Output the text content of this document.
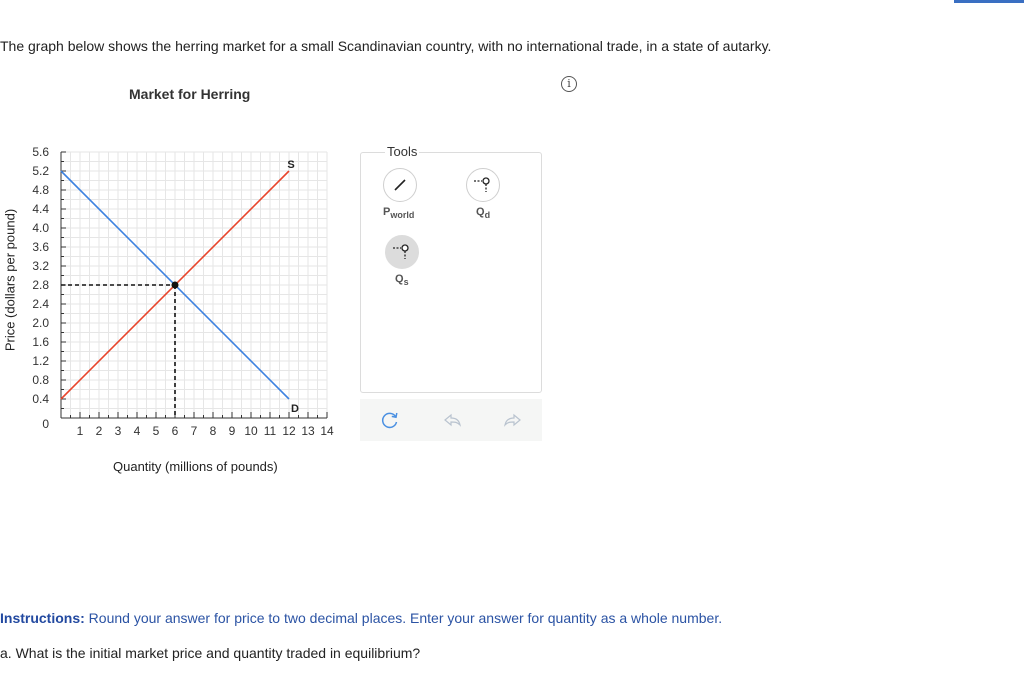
The graph below shows the herring market for a small Scandinavian country, with no international trade, in a state of autarky.
i
Market for Herring
0.4
0.8
1.2
1.6
2.0
2.4
2.8
3.2
3.6
4.0
4.4
4.8
5.2
5.6
0 1 2 3 4 5 6 7 8 9 10 11 12 13 14
S
D
Price (dollars per pound)
Quantity (millions of pounds)
Tools
$P_{world}$	$Q_d$
$Q_s$
Instructions: Round your answer for price to two decimal places. Enter your answer for quantity as a whole number.
a. What is the initial market price and quantity traded in equilibrium?
